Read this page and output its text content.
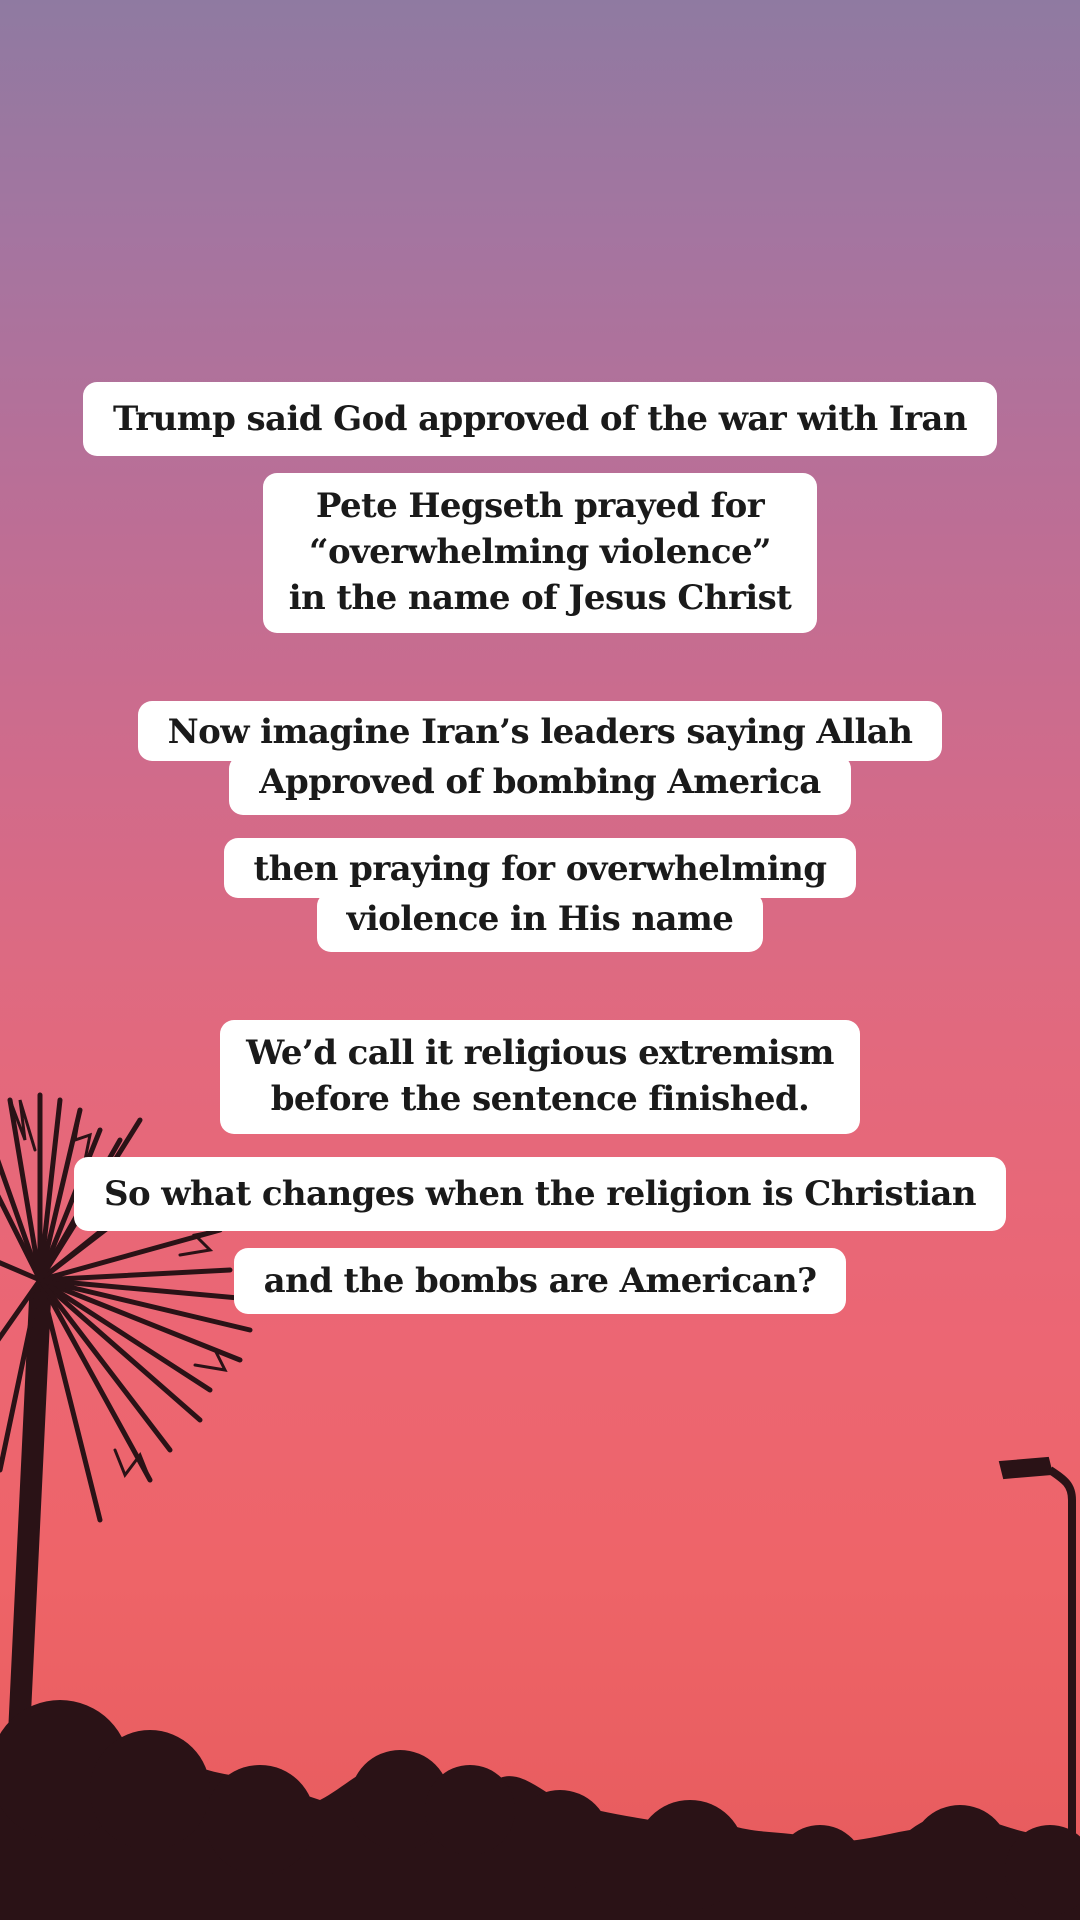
Trump said God approved of the war with Iran
Pete Hegseth prayed for
“overwhelming violence”
in the name of Jesus Christ
Now imagine Iran’s leaders saying Allah
Approved of bombing America
then praying for overwhelming
violence in His name
We’d call it religious extremism
before the sentence finished.
So what changes when the religion is Christian
and the bombs are American?
